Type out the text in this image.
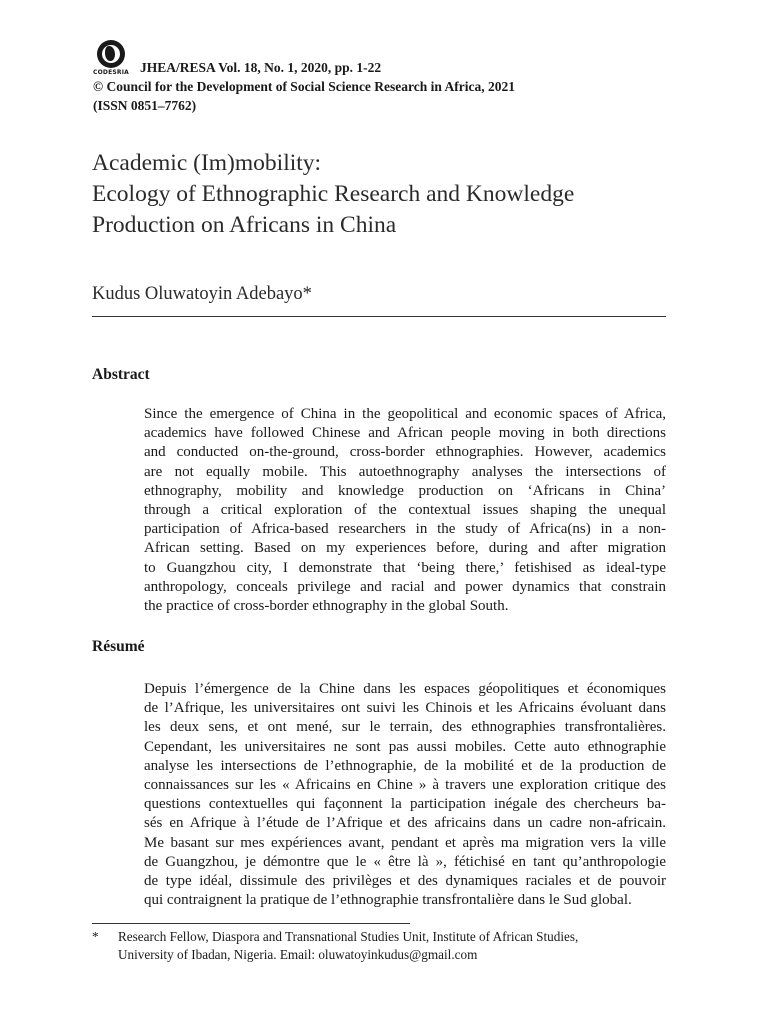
CODESRIA JHEA/RESA Vol. 18, No. 1, 2020, pp. 1-22
© Council for the Development of Social Science Research in Africa, 2021
(ISSN 0851–7762)
Academic (Im)mobility:
Ecology of Ethnographic Research and Knowledge
Production on Africans in China
Kudus Oluwatoyin Adebayo*
Abstract

Since the emergence of China in the geopolitical and economic spaces of Africa,
academics have followed Chinese and African people moving in both directions
and conducted on-the-ground, cross-border ethnographies. However, academics
are not equally mobile. This autoethnography analyses the intersections of
ethnography, mobility and knowledge production on ‘Africans in China’
through a critical exploration of the contextual issues shaping the unequal
participation of Africa-based researchers in the study of Africa(ns) in a non-
African setting. Based on my experiences before, during and after migration
to Guangzhou city, I demonstrate that ‘being there,’ fetishised as ideal-type
anthropology, conceals privilege and racial and power dynamics that constrain
the practice of cross-border ethnography in the global South.

Résumé

Depuis l’émergence de la Chine dans les espaces géopolitiques et économiques
de l’Afrique, les universitaires ont suivi les Chinois et les Africains évoluant dans
les deux sens, et ont mené, sur le terrain, des ethnographies transfrontalières.
Cependant, les universitaires ne sont pas aussi mobiles. Cette auto ethnographie
analyse les intersections de l’ethnographie, de la mobilité et de la production de
connaissances sur les « Africains en Chine » à travers une exploration critique des
questions contextuelles qui façonnent la participation inégale des chercheurs ba-
sés en Afrique à l’étude de l’Afrique et des africains dans un cadre non-africain.
Me basant sur mes expériences avant, pendant et après ma migration vers la ville
de Guangzhou, je démontre que le « être là », fétichisé en tant qu’anthropologie
de type idéal, dissimule des privilèges et des dynamiques raciales et de pouvoir
qui contraignent la pratique de l’ethnographie transfrontalière dans le Sud global.

* Research Fellow, Diaspora and Transnational Studies Unit, Institute of African Studies,
University of Ibadan, Nigeria. Email: oluwatoyinkudus@gmail.com
